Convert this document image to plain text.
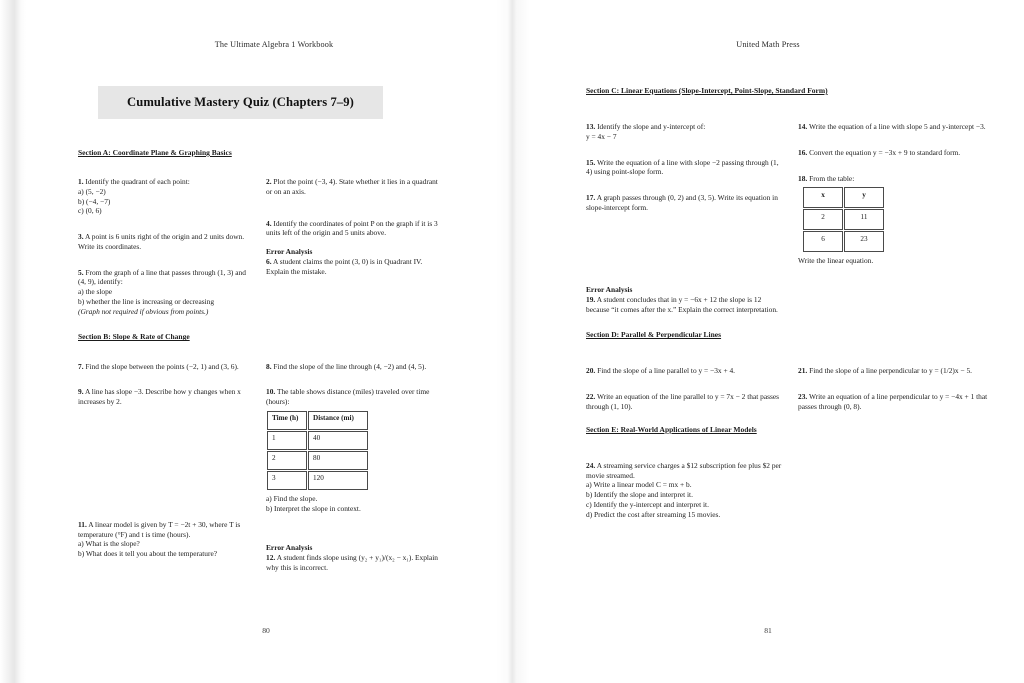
The Ultimate Algebra 1 Workbook
Cumulative Mastery Quiz (Chapters 7–9)
Section A: Coordinate Plane & Graphing Basics

1. Identify the quadrant of each point:
a) (5, −2)
b) (−4, −7)
c) (0, 6)

3. A point is 6 units right of the origin and 2 units down. Write its coordinates.

5. From the graph of a line that passes through (1, 3) and (4, 9), identify:
a) the slope
b) whether the line is increasing or decreasing
(Graph not required if obvious from points.)

2. Plot the point (−3, 4). State whether it lies in a quadrant or on an axis.

4. Identify the coordinates of point P on the graph if it is 3 units left of the origin and 5 units above.

Error Analysis

6. A student claims the point (3, 0) is in Quadrant IV. Explain the mistake.

Section B: Slope & Rate of Change

7. Find the slope between the points (−2, 1) and (3, 6).

9. A line has slope −3. Describe how y changes when x increases by 2.

11. A linear model is given by T = −2t + 30, where T is temperature (°F) and t is time (hours).
a) What is the slope?
b) What does it tell you about the temperature?

8. Find the slope of the line through (4, −2) and (4, 5).

10. The table shows distance (miles) traveled over time (hours):

Time (h)	Distance (mi)
1	40
2	80
3	120

a) Find the slope.

b) Interpret the slope in context.

Error Analysis

12. A student finds slope using (y₂ + y₁)/(x₂ − x₁). Explain why this is incorrect.

80
United Math Press
Section C: Linear Equations (Slope-Intercept, Point-Slope, Standard Form)

13. Identify the slope and y-intercept of:
y = 4x − 7

15. Write the equation of a line with slope −2 passing through (1, 4) using point-slope form.

17. A graph passes through (0, 2) and (3, 5). Write its equation in slope-intercept form.

14. Write the equation of a line with slope 5 and y-intercept −3.

16. Convert the equation y = −3x + 9 to standard form.

18. From the table:

x	y
2	11
6	23

Write the linear equation.

Error Analysis

19. A student concludes that in y = −6x + 12 the slope is 12 because “it comes after the x.” Explain the correct interpretation.

Section D: Parallel & Perpendicular Lines

20. Find the slope of a line parallel to y = −3x + 4.

22. Write an equation of the line parallel to y = 7x − 2 that passes through (1, 10).

21. Find the slope of a line perpendicular to y = (1/2)x − 5.

23. Write an equation of a line perpendicular to y = −4x + 1 that passes through (0, 8).

Section E: Real-World Applications of Linear Models

24. A streaming service charges a $12 subscription fee plus $2 per movie streamed.
a) Write a linear model C = mx + b.
b) Identify the slope and interpret it.
c) Identify the y-intercept and interpret it.
d) Predict the cost after streaming 15 movies.

81
